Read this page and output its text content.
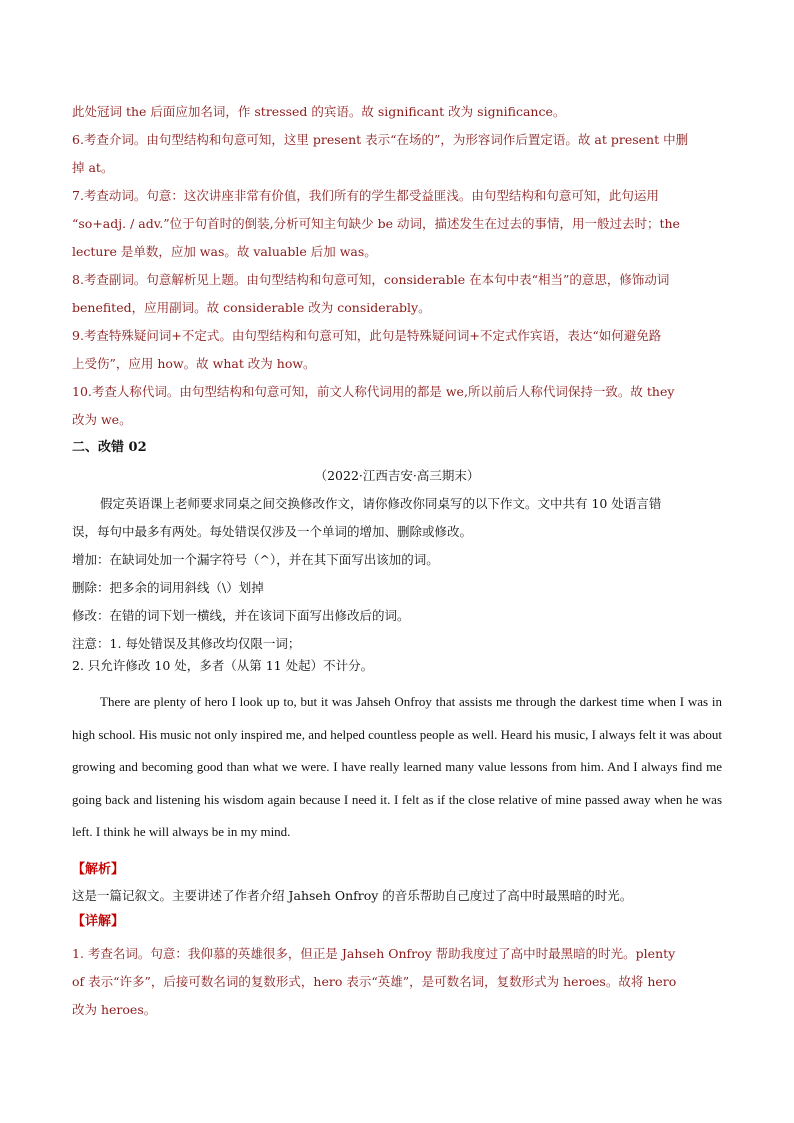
此处冠词 the 后面应加名词，作 stressed 的宾语。故 significant 改为 significance。
6.考查介词。由句型结构和句意可知，这里 present 表示“在场的”，为形容词作后置定语。故 at present 中删
掉 at。
7.考查动词。句意：这次讲座非常有价值，我们所有的学生都受益匪浅。由句型结构和句意可知，此句运用
“so+adj. / adv.”位于句首时的倒装,分析可知主句缺少 be 动词，描述发生在过去的事情，用一般过去时；the
lecture 是单数，应加 was。故 valuable 后加 was。
8.考查副词。句意解析见上题。由句型结构和句意可知，considerable 在本句中表“相当”的意思，修饰动词
benefited，应用副词。故 considerable 改为 considerably。
9.考查特殊疑问词+不定式。由句型结构和句意可知，此句是特殊疑问词+不定式作宾语，表达“如何避免路
上受伤”，应用 how。故 what 改为 how。
10.考查人称代词。由句型结构和句意可知，前文人称代词用的都是 we,所以前后人称代词保持一致。故 they
改为 we。
二、改错 02
（2022·江西吉安·高三期末）
假定英语课上老师要求同桌之间交换修改作文，请你修改你同桌写的以下作文。文中共有 10 处语言错
误，每句中最多有两处。每处错误仅涉及一个单词的增加、删除或修改。
增加：在缺词处加一个漏字符号（^），并在其下面写出该加的词。
删除：把多余的词用斜线（\）划掉
修改：在错的词下划一横线，并在该词下面写出修改后的词。
注意：1. 每处错误及其修改均仅限一词；
2. 只允许修改 10 处，多者（从第 11 处起）不计分。
There are plenty of hero I look up to, but it was Jahseh Onfroy that assists me through the darkest time when I was in high school. His music not only inspired me, and helped countless people as well. Heard his music, I always felt it was about growing and becoming good than what we were. I have really learned many value lessons from him. And I always find me going back and listening his wisdom again because I need it. I felt as if the close relative of mine passed away when he was left. I think he will always be in my mind.
【解析】
这是一篇记叙文。主要讲述了作者介绍 Jahseh Onfroy 的音乐帮助自己度过了高中时最黑暗的时光。
【详解】
1. 考查名词。句意：我仰慕的英雄很多，但正是 Jahseh Onfroy 帮助我度过了高中时最黑暗的时光。plenty
of 表示“许多”，后接可数名词的复数形式，hero 表示“英雄”，是可数名词，复数形式为 heroes。故将 hero
改为 heroes。
